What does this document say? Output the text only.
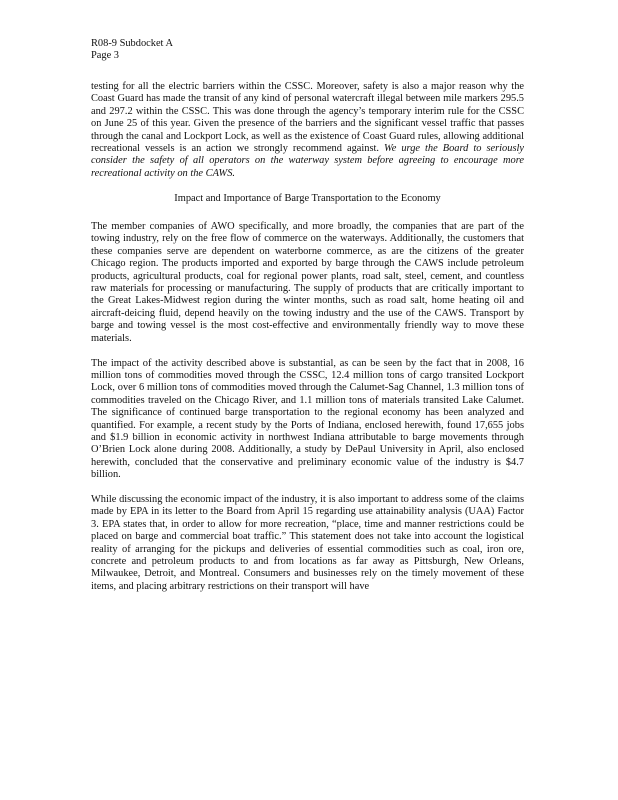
R08-9 Subdocket A
Page 3

testing for all the electric barriers within the CSSC. Moreover, safety is also a major reason why the Coast Guard has made the transit of any kind of personal watercraft illegal between mile markers 295.5 and 297.2 within the CSSC. This was done through the agency’s temporary interim rule for the CSSC on June 25 of this year. Given the presence of the barriers and the significant vessel traffic that passes through the canal and Lockport Lock, as well as the existence of Coast Guard rules, allowing additional recreational vessels is an action we strongly recommend against. We urge the Board to seriously consider the safety of all operators on the waterway system before agreeing to encourage more recreational activity on the CAWS.

Impact and Importance of Barge Transportation to the Economy

The member companies of AWO specifically, and more broadly, the companies that are part of the towing industry, rely on the free flow of commerce on the waterways. Additionally, the customers that these companies serve are dependent on waterborne commerce, as are the citizens of the greater Chicago region. The products imported and exported by barge through the CAWS include petroleum products, agricultural products, coal for regional power plants, road salt, steel, cement, and countless raw materials for processing or manufacturing. The supply of products that are critically important to the Great Lakes-Midwest region during the winter months, such as road salt, home heating oil and aircraft-deicing fluid, depend heavily on the towing industry and the use of the CAWS. Transport by barge and towing vessel is the most cost-effective and environmentally friendly way to move these materials.

The impact of the activity described above is substantial, as can be seen by the fact that in 2008, 16 million tons of commodities moved through the CSSC, 12.4 million tons of cargo transited Lockport Lock, over 6 million tons of commodities moved through the Calumet-Sag Channel, 1.3 million tons of commodities traveled on the Chicago River, and 1.1 million tons of materials transited Lake Calumet. The significance of continued barge transportation to the regional economy has been analyzed and quantified. For example, a recent study by the Ports of Indiana, enclosed herewith, found 17,655 jobs and $1.9 billion in economic activity in northwest Indiana attributable to barge movements through O’Brien Lock alone during 2008. Additionally, a study by DePaul University in April, also enclosed herewith, concluded that the conservative and preliminary economic value of the industry is $4.7 billion.

While discussing the economic impact of the industry, it is also important to address some of the claims made by EPA in its letter to the Board from April 15 regarding use attainability analysis (UAA) Factor 3. EPA states that, in order to allow for more recreation, “place, time and manner restrictions could be placed on barge and commercial boat traffic.” This statement does not take into account the logistical reality of arranging for the pickups and deliveries of essential commodities such as coal, iron ore, concrete and petroleum products to and from locations as far away as Pittsburgh, New Orleans, Milwaukee, Detroit, and Montreal. Consumers and businesses rely on the timely movement of these items, and placing arbitrary restrictions on their transport will have
